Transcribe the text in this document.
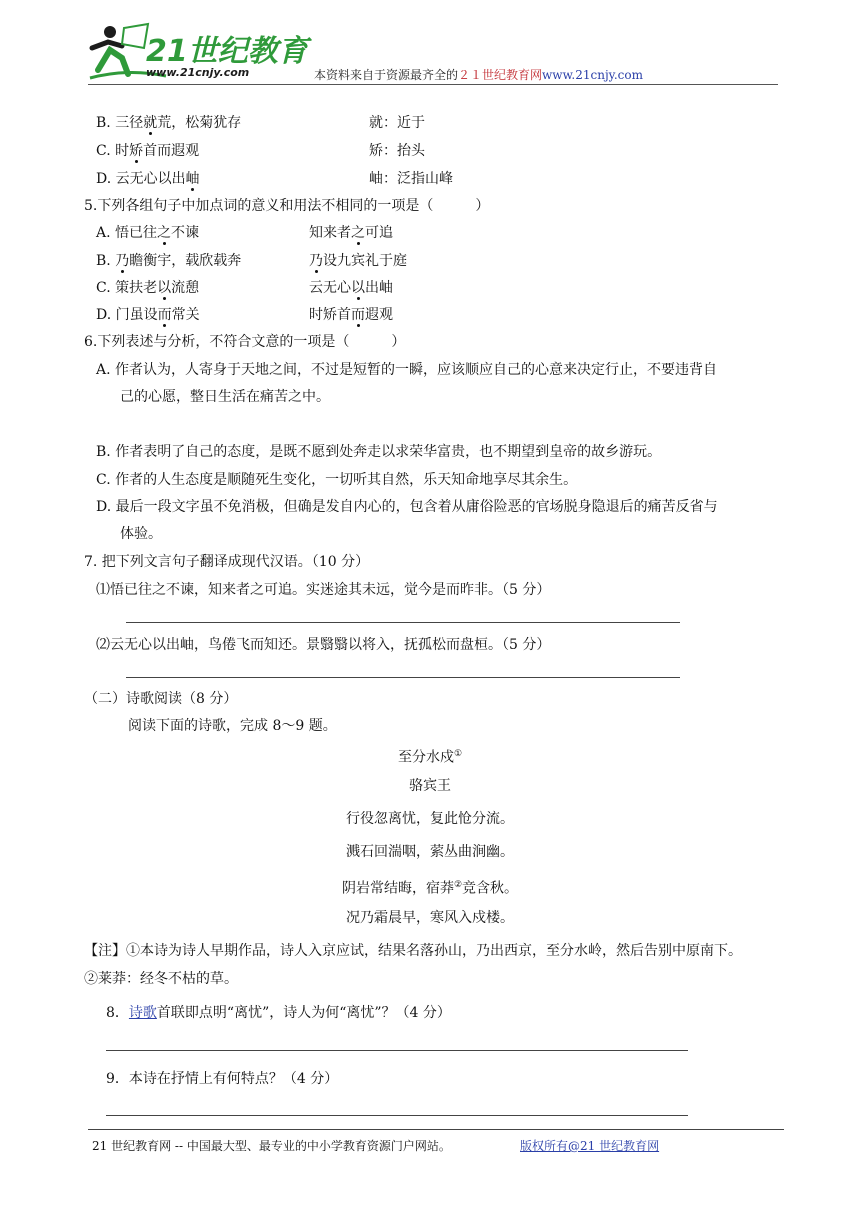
21世纪教育
www.21cnjy.com	本资料来自于资源最齐全的２１世纪教育网www.21cnjy.com
B. 三径就荒，松菊犹存	就：近于
C. 时矫首而遐观	矫：抬头
D. 云无心以出岫	岫：泛指山峰
5.下列各组句子中加点词的意义和用法不相同的一项是（　　　）
A. 悟已往之不谏	知来者之可追
B. 乃瞻衡宇，载欣载奔	乃设九宾礼于庭
C. 策扶老以流憩	云无心以出岫
D. 门虽设而常关	时矫首而遐观
6.下列表述与分析，不符合文意的一项是（　　　）
A. 作者认为，人寄身于天地之间，不过是短暂的一瞬，应该顺应自己的心意来决定行止，不要违背自
己的心愿，整日生活在痛苦之中。
B. 作者表明了自己的态度，是既不愿到处奔走以求荣华富贵，也不期望到皇帝的故乡游玩。
C. 作者的人生态度是顺随死生变化，一切听其自然，乐天知命地享尽其余生。
D. 最后一段文字虽不免消极，但确是发自内心的，包含着从庸俗险恶的官场脱身隐退后的痛苦反省与
体验。
7. 把下列文言句子翻译成现代汉语。（10 分）
⑴悟已往之不谏，知来者之可追。实迷途其未远，觉今是而昨非。（5 分）
⑵云无心以出岫，鸟倦飞而知还。景翳翳以将入，抚孤松而盘桓。（5 分）
（二）诗歌阅读（8 分）
阅读下面的诗歌，完成 8～9 题。
至分水戍①
骆宾王
行役忽离忧，复此怆分流。
溅石回湍咽，萦丛曲涧幽。
阴岩常结晦，宿莽②竞含秋。
况乃霜晨早，寒风入戍楼。
【注】①本诗为诗人早期作品，诗人入京应试，结果名落孙山，乃出西京，至分水岭，然后告别中原南下。
②莱莽：经冬不枯的草。
8．诗歌首联即点明“离忧”，诗人为何“离忧”？（4 分）
9．本诗在抒情上有何特点？（4 分）
21 世纪教育网 -- 中国最大型、最专业的中小学教育资源门户网站。	版权所有@21 世纪教育网
